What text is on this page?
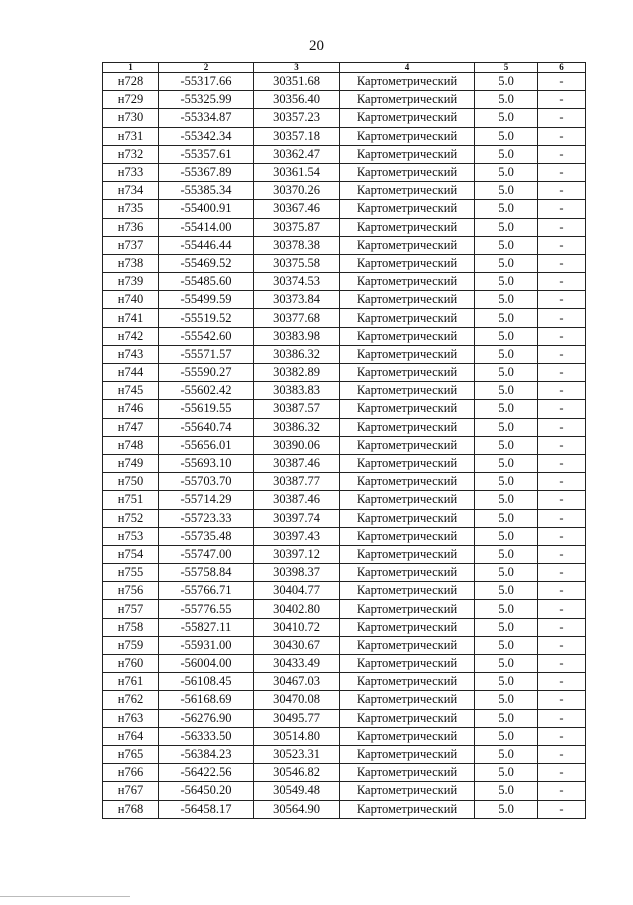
20
1	2	3	4	5	6
н728	-55317.66	30351.68	Картометрический	5.0	-
н729	-55325.99	30356.40	Картометрический	5.0	-
н730	-55334.87	30357.23	Картометрический	5.0	-
н731	-55342.34	30357.18	Картометрический	5.0	-
н732	-55357.61	30362.47	Картометрический	5.0	-
н733	-55367.89	30361.54	Картометрический	5.0	-
н734	-55385.34	30370.26	Картометрический	5.0	-
н735	-55400.91	30367.46	Картометрический	5.0	-
н736	-55414.00	30375.87	Картометрический	5.0	-
н737	-55446.44	30378.38	Картометрический	5.0	-
н738	-55469.52	30375.58	Картометрический	5.0	-
н739	-55485.60	30374.53	Картометрический	5.0	-
н740	-55499.59	30373.84	Картометрический	5.0	-
н741	-55519.52	30377.68	Картометрический	5.0	-
н742	-55542.60	30383.98	Картометрический	5.0	-
н743	-55571.57	30386.32	Картометрический	5.0	-
н744	-55590.27	30382.89	Картометрический	5.0	-
н745	-55602.42	30383.83	Картометрический	5.0	-
н746	-55619.55	30387.57	Картометрический	5.0	-
н747	-55640.74	30386.32	Картометрический	5.0	-
н748	-55656.01	30390.06	Картометрический	5.0	-
н749	-55693.10	30387.46	Картометрический	5.0	-
н750	-55703.70	30387.77	Картометрический	5.0	-
н751	-55714.29	30387.46	Картометрический	5.0	-
н752	-55723.33	30397.74	Картометрический	5.0	-
н753	-55735.48	30397.43	Картометрический	5.0	-
н754	-55747.00	30397.12	Картометрический	5.0	-
н755	-55758.84	30398.37	Картометрический	5.0	-
н756	-55766.71	30404.77	Картометрический	5.0	-
н757	-55776.55	30402.80	Картометрический	5.0	-
н758	-55827.11	30410.72	Картометрический	5.0	-
н759	-55931.00	30430.67	Картометрический	5.0	-
н760	-56004.00	30433.49	Картометрический	5.0	-
н761	-56108.45	30467.03	Картометрический	5.0	-
н762	-56168.69	30470.08	Картометрический	5.0	-
н763	-56276.90	30495.77	Картометрический	5.0	-
н764	-56333.50	30514.80	Картометрический	5.0	-
н765	-56384.23	30523.31	Картометрический	5.0	-
н766	-56422.56	30546.82	Картометрический	5.0	-
н767	-56450.20	30549.48	Картометрический	5.0	-
н768	-56458.17	30564.90	Картометрический	5.0	-
